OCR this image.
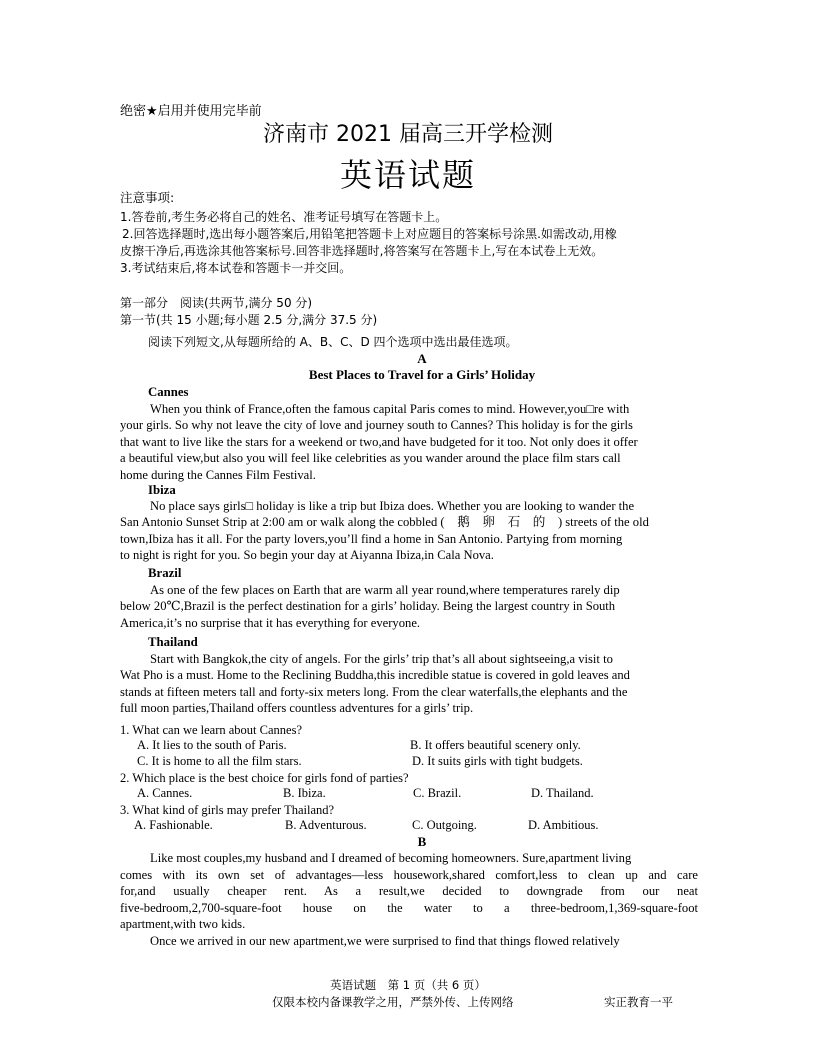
绝密★启用并使用完毕前
济南市 2021 届高三开学检测
英语试题
注意事项:
1.答卷前,考生务必将自己的姓名、准考证号填写在答题卡上。
2.回答选择题时,选出每小题答案后,用铅笔把答题卡上对应题目的答案标号涂黑.如需改动,用橡
皮擦干净后,再选涂其他答案标号.回答非选择题时,将答案写在答题卡上,写在本试卷上无效。
3.考试结束后,将本试卷和答题卡一并交回。
第一部分　阅读(共两节,满分 50 分)
第一节(共 15 小题;每小题 2.5 分,满分 37.5 分)
阅读下列短文,从每题所给的 A、B、C、D 四个选项中选出最佳选项。
A
Best Places to Travel for a Girls’ Holiday
Cannes
When you think of France,often the famous capital Paris comes to mind. However,you□re with
your girls. So why not leave the city of love and journey south to Cannes? This holiday is for the girls
that want to live like the stars for a weekend or two,and have budgeted for it too. Not only does it offer
a beautiful view,but also you will feel like celebrities as you wander around the place film stars call
home during the Cannes Film Festival.
Ibiza
No place says girls□ holiday is like a trip but Ibiza does. Whether you are looking to wander the
San Antonio Sunset Strip at 2:00 am or walk along the cobbled (　鹅　卵　石　的　) streets of the old
town,Ibiza has it all. For the party lovers,you’ll find a home in San Antonio. Partying from morning
to night is right for you. So begin your day at Aiyanna Ibiza,in Cala Nova.
Brazil
As one of the few places on Earth that are warm all year round,where temperatures rarely dip
below 20℃,Brazil is the perfect destination for a girls’ holiday. Being the largest country in South
America,it’s no surprise that it has everything for everyone.
Thailand
Start with Bangkok,the city of angels. For the girls’ trip that’s all about sightseeing,a visit to
Wat Pho is a must. Home to the Reclining Buddha,this incredible statue is covered in gold leaves and
stands at fifteen meters tall and forty-six meters long. From the clear waterfalls,the elephants and the
full moon parties,Thailand offers countless adventures for a girls’ trip.
1. What can we learn about Cannes?
A. It lies to the south of Paris.	B. It offers beautiful scenery only.
C. It is home to all the film stars.	D. It suits girls with tight budgets.
2. Which place is the best choice for girls fond of parties?
A. Cannes.	B. Ibiza.	C. Brazil.	D. Thailand.
3. What kind of girls may prefer Thailand?
A. Fashionable.	B. Adventurous.	C. Outgoing.	D. Ambitious.
B
Like most couples,my husband and I dreamed of becoming homeowners. Sure,apartment living
comes with its own set of advantages—less housework,shared comfort,less to clean up and care
for,and usually cheaper rent. As a result,we decided to downgrade from our neat
five-bedroom,2,700-square-foot house on the water to a three-bedroom,1,369-square-foot
apartment,with two kids.
Once we arrived in our new apartment,we were surprised to find that things flowed relatively
英语试题　第 1 页（共 6 页）
仅限本校内备课教学之用，严禁外传、上传网络	实正教育一平
